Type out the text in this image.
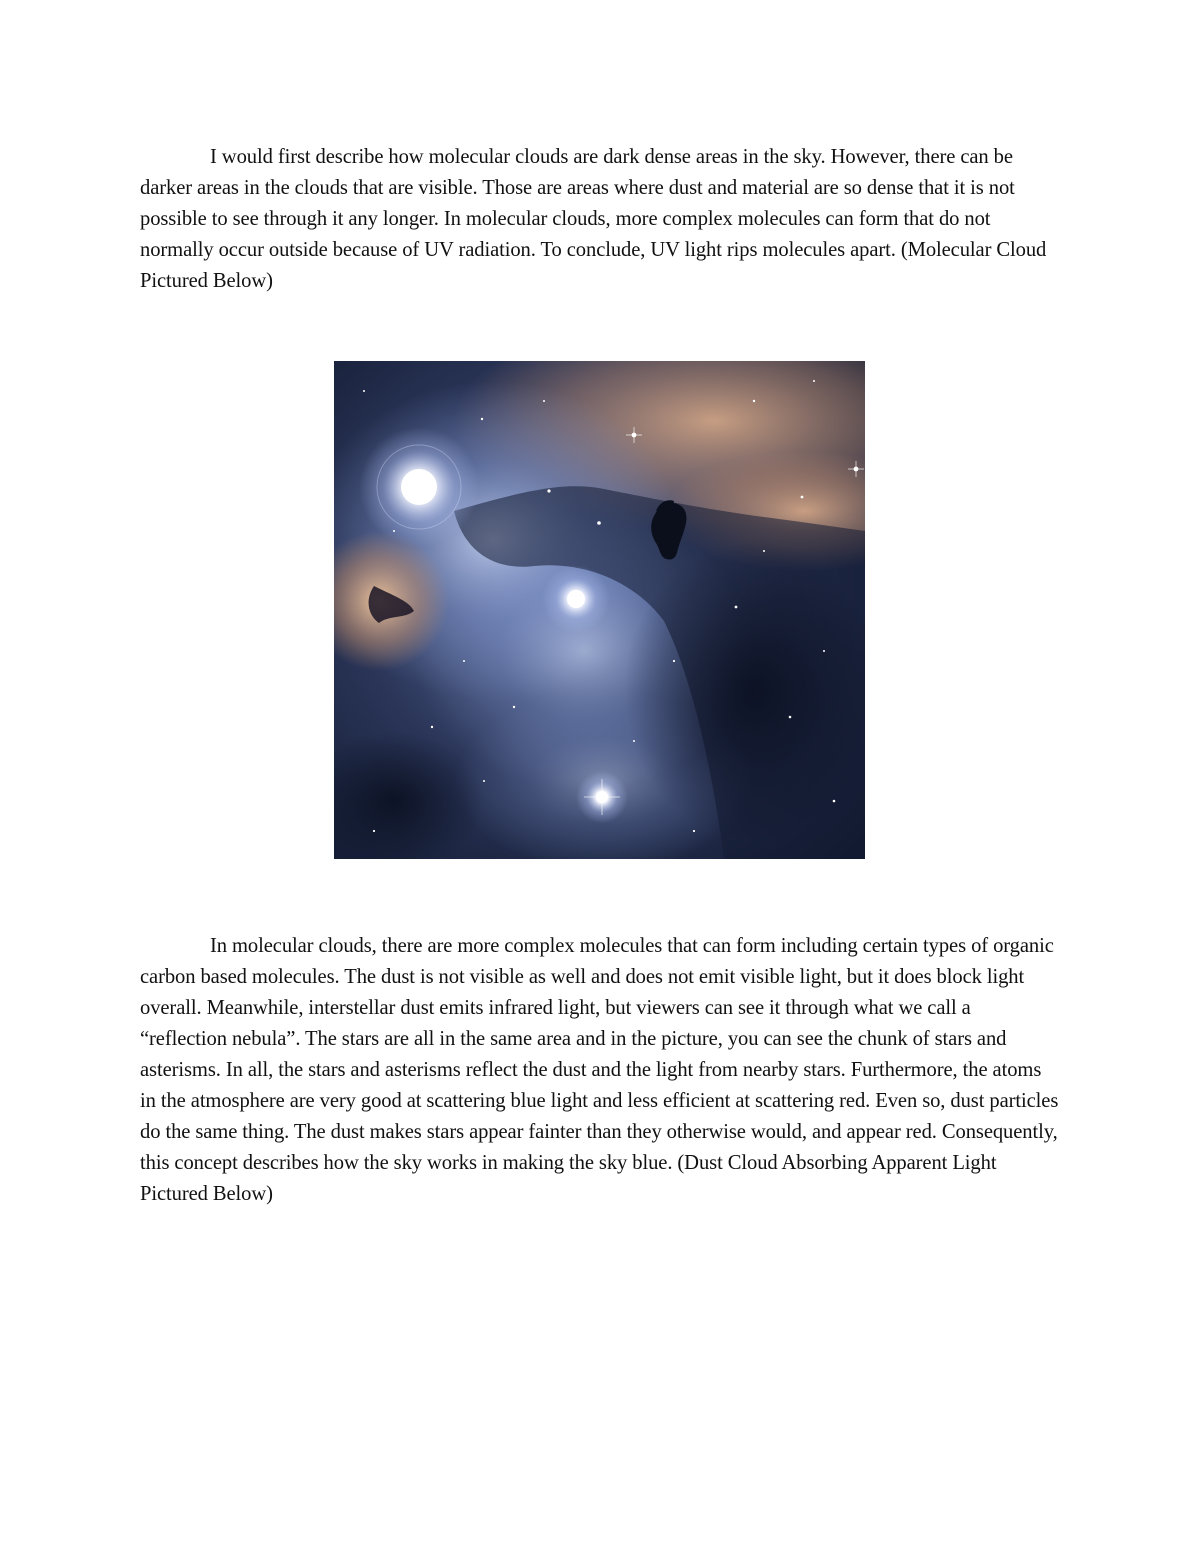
I would first describe how molecular clouds are dark dense areas in the sky. However, there can be darker areas in the clouds that are visible. Those are areas where dust and material are so dense that it is not possible to see through it any longer. In molecular clouds, more complex molecules can form that do not normally occur outside because of UV radiation. To conclude, UV light rips molecules apart. (Molecular Cloud Pictured Below)

In molecular clouds, there are more complex molecules that can form including certain types of organic carbon based molecules. The dust is not visible as well and does not emit visible light, but it does block light overall. Meanwhile, interstellar dust emits infrared light, but viewers can see it through what we call a “reflection nebula”. The stars are all in the same area and in the picture, you can see the chunk of stars and asterisms. In all, the stars and asterisms reflect the dust and the light from nearby stars. Furthermore, the atoms in the atmosphere are very good at scattering blue light and less efficient at scattering red. Even so, dust particles do the same thing. The dust makes stars appear fainter than they otherwise would, and appear red. Consequently, this concept describes how the sky works in making the sky blue. (Dust Cloud Absorbing Apparent Light Pictured Below)
